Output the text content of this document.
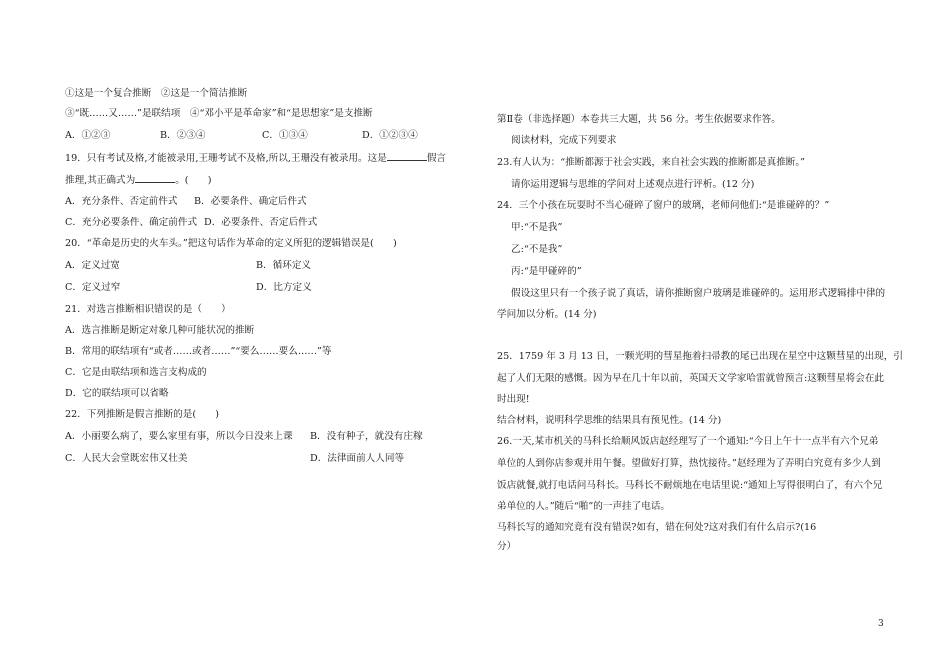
①这是一个复合推断　②这是一个简洁推断
③“既……又……”是联结项　④“邓小平是革命家”和“是思想家”是支推断
A．①②③	B．②③④	C．①③④	D．①②③④
19．只有考试及格,才能被录用,王珊考试不及格,所以,王珊没有被录用。这是	假言
推理,其正确式为	。(　　)
A．充分条件、否定前件式 B．必要条件、确定后件式
C．充分必要条件、确定前件式 D．必要条件、否定后件式
20．“革命是历史的火车头。”把这句话作为革命的定义所犯的逻辑错误是(　　)
A．定义过宽	B．循环定义
C．定义过窄	D．比方定义
21．对选言推断相识错误的是（　　）
A．选言推断是断定对象几种可能状况的推断
B．常用的联结项有“或者……或者……”“要么……要么……”等
C．它是由联结项和选言支构成的
D．它的联结项可以省略
22．下列推断是假言推断的是(　　)
A．小丽要么病了，要么家里有事，所以今日没来上课 B．没有种子，就没有庄稼
C．人民大会堂既宏伟又壮美	D．法律面前人人同等
第Ⅱ卷（非选择题）本卷共三大题，共 56 分。考生依据要求作答。
阅读材料，完成下列要求
23.有人认为：“推断都源于社会实践，来自社会实践的推断都是真推断。”
请你运用逻辑与思维的学问对上述观点进行评析。(12 分)
24．三个小孩在玩耍时不当心碰碎了窗户的玻璃，老师问他们:“是谁碰碎的？”
甲:“不是我”
乙:“不是我”
丙:“是甲碰碎的”
假设这里只有一个孩子说了真话，请你推断窗户玻璃是谁碰碎的。运用形式逻辑排中律的
学问加以分析。(14 分)
25．1759 年 3 月 13 日，一颗光明的彗星拖着扫帚教的尾已出现在星空中这颗彗星的出现，引
起了人们无限的感慨。因为早在几十年以前，英国天文学家哈雷就曾预言:这颗彗星将会在此
时出现!
结合材料，说明科学思维的结果具有预见性。(14 分)
26.一天,某市机关的马科长给顺风饭店赵经理写了一个通知:“今日上午十一点半有六个兄弟
单位的人到你店参观并用午餐。望做好打算，热忱接待。”赵经理为了弄明白究竟有多少人到
饭店就餐,就打电话问马科长。马科长不耐烦地在电话里说:“通知上写得很明白了，有六个兄
弟单位的人。”随后“啪”的一声挂了电话。
马科长写的通知究竟有没有错误?如有，错在何处?这对我们有什么启示?(16
分）
3
